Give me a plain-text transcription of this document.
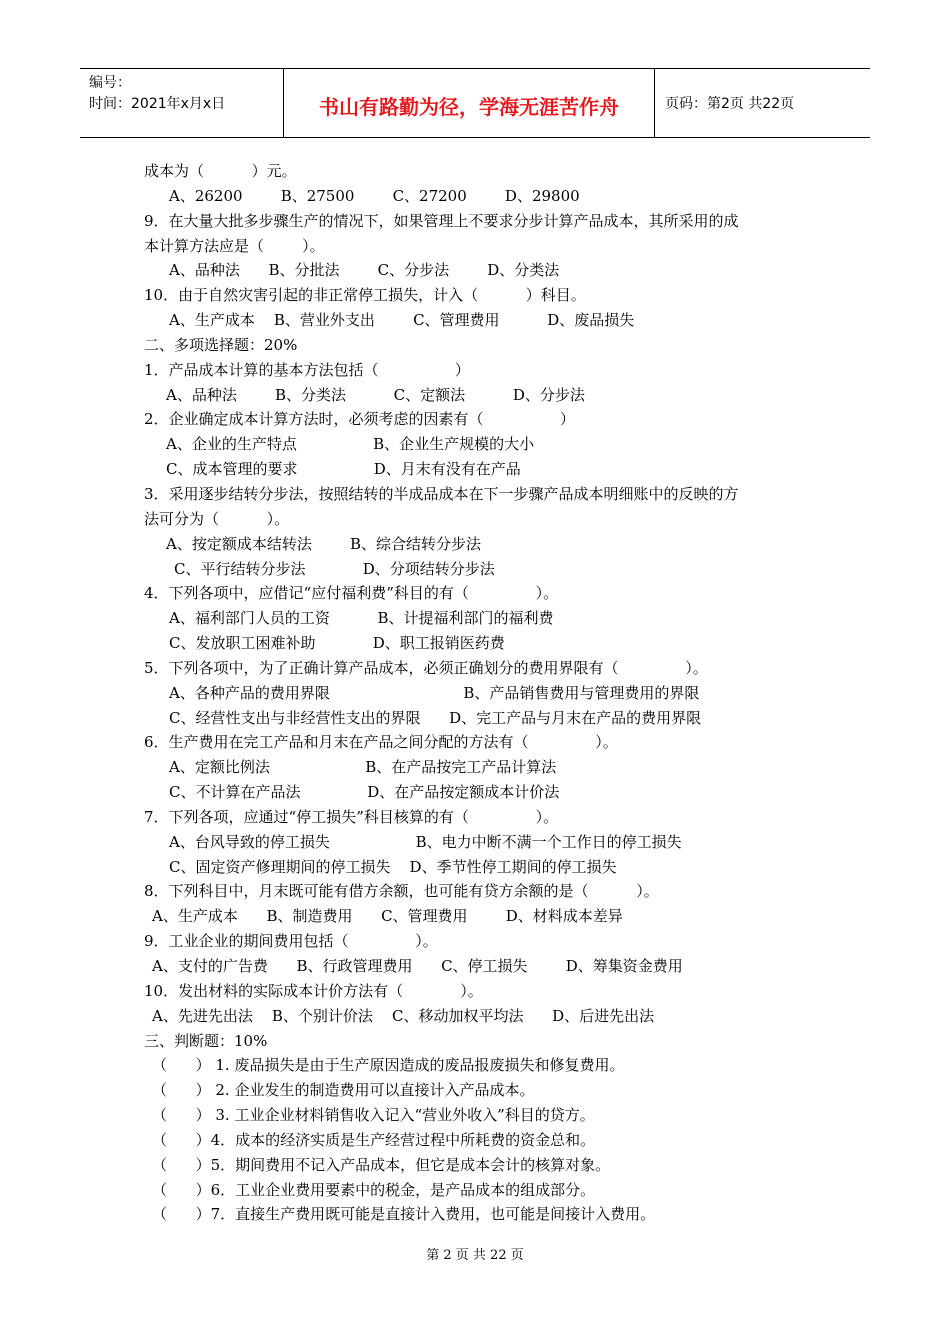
编号：
时间：2021年x月x日	书山有路勤为径，学海无涯苦作舟	页码：第2页 共22页
成本为（          ）元。
A、26200        B、27500        C、27200        D、29800
9．在大量大批多步骤生产的情况下，如果管理上不要求分步计算产品成本，其所采用的成
本计算方法应是（        ）。
A、品种法      B、分批法        C、分步法        D、分类法
10．由于自然灾害引起的非正常停工损失，计入（          ）科目。
A、生产成本    B、营业外支出        C、管理费用          D、废品损失
二、多项选择题：20%
1．产品成本计算的基本方法包括（                ）
A、品种法        B、分类法          C、定额法          D、分步法
2．企业确定成本计算方法时，必须考虑的因素有（                ）
A、企业的生产特点                B、企业生产规模的大小
C、成本管理的要求                D、月末有没有在产品
3．采用逐步结转分步法，按照结转的半成品成本在下一步骤产品成本明细账中的反映的方
法可分为（          ）。
A、按定额成本结转法        B、综合结转分步法
C、平行结转分步法            D、分项结转分步法
4．下列各项中，应借记“应付福利费”科目的有（              ）。
A、福利部门人员的工资          B、计提福利部门的福利费
C、发放职工困难补助            D、职工报销医药费
5．下列各项中，为了正确计算产品成本，必须正确划分的费用界限有（              ）。
A、各种产品的费用界限                            B、产品销售费用与管理费用的界限
C、经营性支出与非经营性支出的界限      D、完工产品与月末在产品的费用界限
6．生产费用在完工产品和月末在产品之间分配的方法有（              ）。
A、定额比例法                    B、在产品按完工产品计算法
C、不计算在产品法              D、在产品按定额成本计价法
7．下列各项，应通过“停工损失”科目核算的有（              ）。
A、台风导致的停工损失                  B、电力中断不满一个工作日的停工损失
C、固定资产修理期间的停工损失    D、季节性停工期间的停工损失
8．下列科目中，月末既可能有借方余额，也可能有贷方余额的是（          ）。
A、生产成本      B、制造费用      C、管理费用        D、材料成本差异
9．工业企业的期间费用包括（              ）。
A、支付的广告费      B、行政管理费用      C、停工损失        D、筹集资金费用
10．发出材料的实际成本计价方法有（            ）。
A、先进先出法    B、个别计价法    C、移动加权平均法      D、后进先出法
三、判断题：10%
（      ） 1. 废品损失是由于生产原因造成的废品报废损失和修复费用。
（      ） 2. 企业发生的制造费用可以直接计入产品成本。
（      ） 3. 工业企业材料销售收入记入“营业外收入”科目的贷方。
（      ）4．成本的经济实质是生产经营过程中所耗费的资金总和。
（      ）5．期间费用不记入产品成本，但它是成本会计的核算对象。
（      ）6．工业企业费用要素中的税金，是产品成本的组成部分。
（      ）7．直接生产费用既可能是直接计入费用，也可能是间接计入费用。
第 2 页 共 22 页
